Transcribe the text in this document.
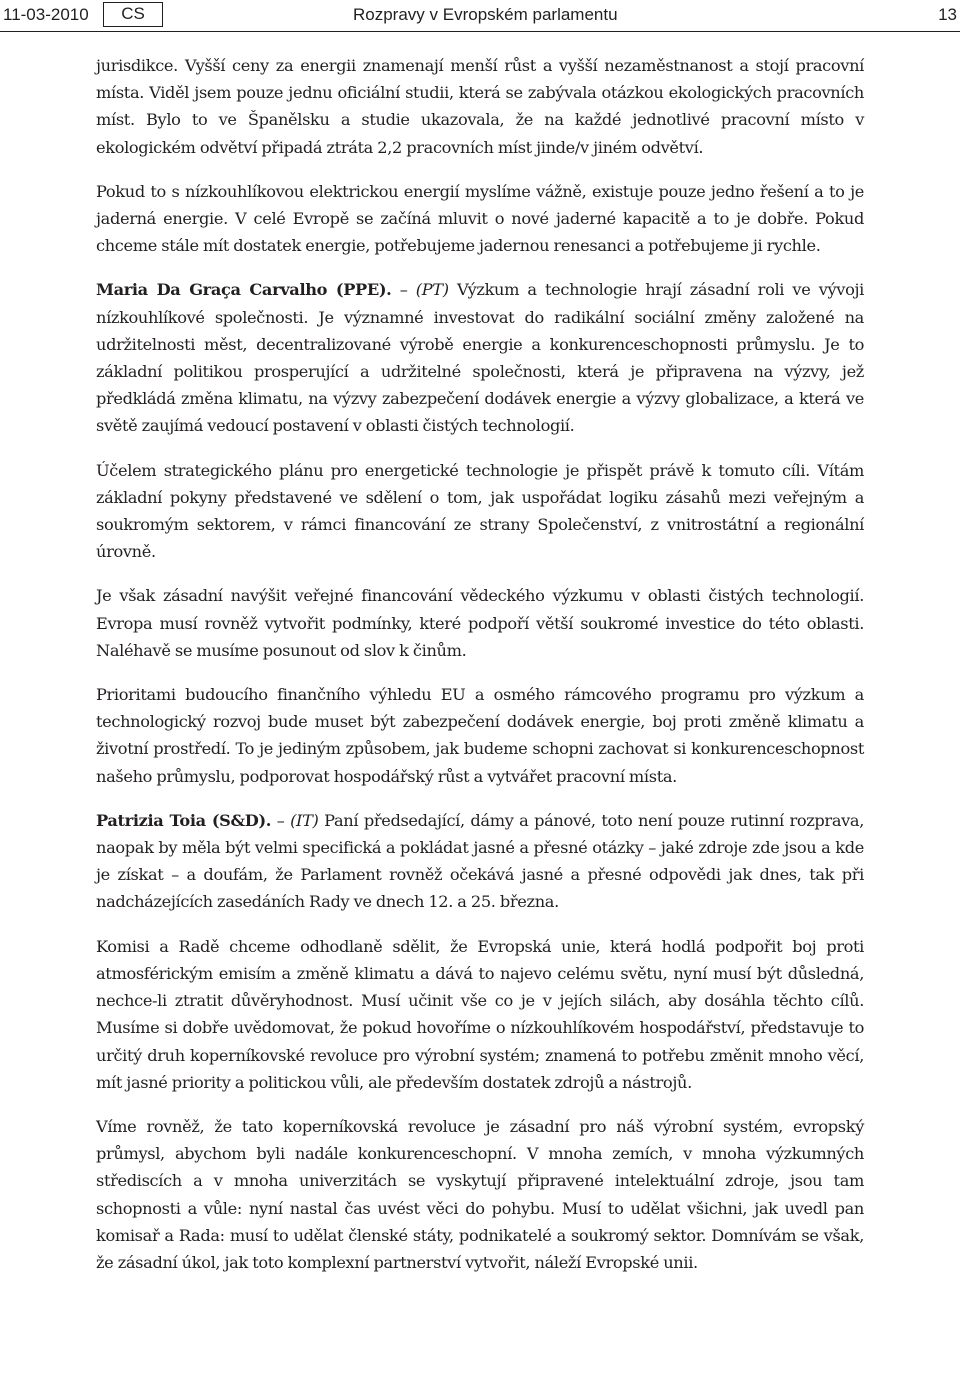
11-03-2010	CS	Rozpravy v Evropském parlamentu	13

jurisdikce. Vyšší ceny za energii znamenají menší růst a vyšší nezaměstnanost a stojí pracovní místa. Viděl jsem pouze jednu oficiální studii, která se zabývala otázkou ekologických pracovních míst. Bylo to ve Španělsku a studie ukazovala, že na každé jednotlivé pracovní místo v ekologickém odvětví připadá ztráta 2,2 pracovních míst jinde/v jiném odvětví.

Pokud to s nízkouhlíkovou elektrickou energií myslíme vážně, existuje pouze jedno řešení a to je jaderná energie. V celé Evropě se začíná mluvit o nové jaderné kapacitě a to je dobře. Pokud chceme stále mít dostatek energie, potřebujeme jadernou renesanci a potřebujeme ji rychle.

Maria Da Graça Carvalho (PPE). – (PT) Výzkum a technologie hrají zásadní roli ve vývoji nízkouhlíkové společnosti. Je významné investovat do radikální sociální změny založené na udržitelnosti měst, decentralizované výrobě energie a konkurenceschopnosti průmyslu. Je to základní politikou prosperující a udržitelné společnosti, která je připravena na výzvy, jež předkládá změna klimatu, na výzvy zabezpečení dodávek energie a výzvy globalizace, a která ve světě zaujímá vedoucí postavení v oblasti čistých technologií.

Účelem strategického plánu pro energetické technologie je přispět právě k tomuto cíli. Vítám základní pokyny představené ve sdělení o tom, jak uspořádat logiku zásahů mezi veřejným a soukromým sektorem, v rámci financování ze strany Společenství, z vnitrostátní a regionální úrovně.

Je však zásadní navýšit veřejné financování vědeckého výzkumu v oblasti čistých technologií. Evropa musí rovněž vytvořit podmínky, které podpoří větší soukromé investice do této oblasti. Naléhavě se musíme posunout od slov k činům.

Prioritami budoucího finančního výhledu EU a osmého rámcového programu pro výzkum a technologický rozvoj bude muset být zabezpečení dodávek energie, boj proti změně klimatu a životní prostředí. To je jediným způsobem, jak budeme schopni zachovat si konkurenceschopnost našeho průmyslu, podporovat hospodářský růst a vytvářet pracovní místa.

Patrizia Toia (S&D). – (IT) Paní předsedající, dámy a pánové, toto není pouze rutinní rozprava, naopak by měla být velmi specifická a pokládat jasné a přesné otázky – jaké zdroje zde jsou a kde je získat – a doufám, že Parlament rovněž očekává jasné a přesné odpovědi jak dnes, tak při nadcházejících zasedáních Rady ve dnech 12. a 25. března.

Komisi a Radě chceme odhodlaně sdělit, že Evropská unie, která hodlá podpořit boj proti atmosférickým emisím a změně klimatu a dává to najevo celému světu, nyní musí být důsledná, nechce-li ztratit důvěryhodnost. Musí učinit vše co je v jejích silách, aby dosáhla těchto cílů. Musíme si dobře uvědomovat, že pokud hovoříme o nízkouhlíkovém hospodářství, představuje to určitý druh koperníkovské revoluce pro výrobní systém; znamená to potřebu změnit mnoho věcí, mít jasné priority a politickou vůli, ale především dostatek zdrojů a nástrojů.

Víme rovněž, že tato koperníkovská revoluce je zásadní pro náš výrobní systém, evropský průmysl, abychom byli nadále konkurenceschopní. V mnoha zemích, v mnoha výzkumných střediscích a v mnoha univerzitách se vyskytují připravené intelektuální zdroje, jsou tam schopnosti a vůle: nyní nastal čas uvést věci do pohybu. Musí to udělat všichni, jak uvedl pan komisař a Rada: musí to udělat členské státy, podnikatelé a soukromý sektor. Domnívám se však, že zásadní úkol, jak toto komplexní partnerství vytvořit, náleží Evropské unii.
